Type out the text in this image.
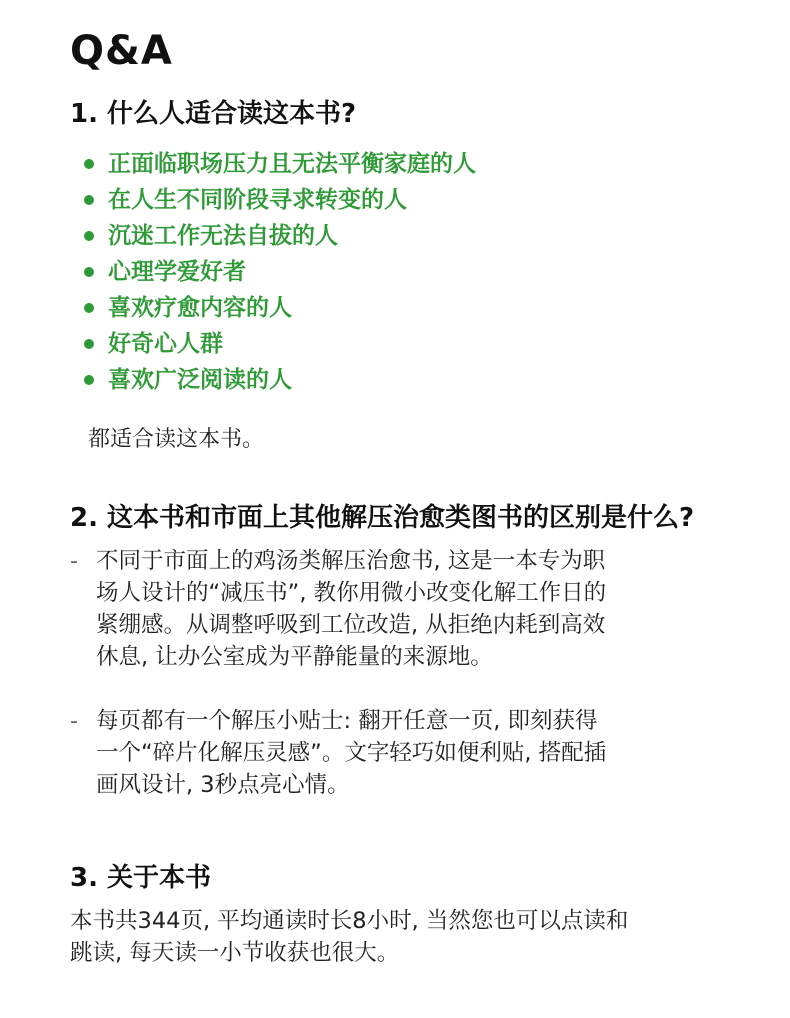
Q&A
1. 什么人适合读这本书?
正面临职场压力且无法平衡家庭的人
在人生不同阶段寻求转变的人
沉迷工作无法自拔的人
心理学爱好者
喜欢疗愈内容的人
好奇心人群
喜欢广泛阅读的人

都适合读这本书。

2. 这本书和市面上其他解压治愈类图书的区别是什么?
- 不同于市面上的鸡汤类解压治愈书, 这是一本专为职
场人设计的“减压书”, 教你用微小改变化解工作日的
紧绷感。从调整呼吸到工位改造, 从拒绝内耗到高效
休息, 让办公室成为平静能量的来源地。
- 每页都有一个解压小贴士: 翻开任意一页, 即刻获得
一个“碎片化解压灵感”。文字轻巧如便利贴, 搭配插
画风设计, 3秒点亮心情。
3. 关于本书

本书共344页, 平均通读时长8小时, 当然您也可以点读和
跳读, 每天读一小节收获也很大。
